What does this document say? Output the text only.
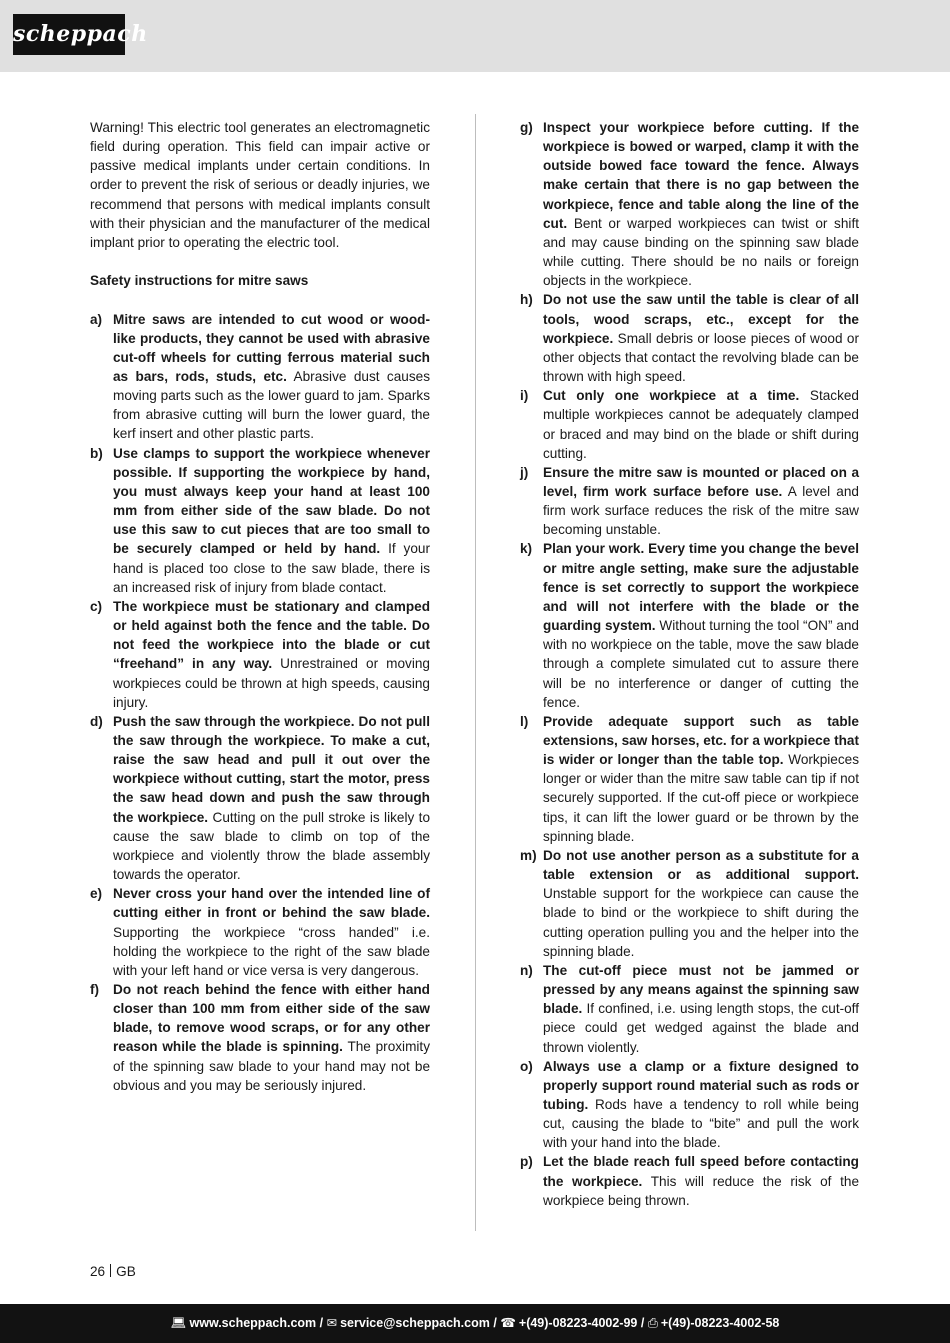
scheppach

Warning! This electric tool generates an electromagnetic field during operation. This field can impair active or passive medical implants under certain conditions. In order to prevent the risk of serious or deadly injuries, we recommend that persons with medical implants consult with their physician and the manufacturer of the medical implant prior to operating the electric tool.

Safety instructions for mitre saws

a) Mitre saws are intended to cut wood or wood-like products, they cannot be used with abrasive cut-off wheels for cutting ferrous material such as bars, rods, studs, etc. Abrasive dust causes moving parts such as the lower guard to jam. Sparks from abrasive cutting will burn the lower guard, the kerf insert and other plastic parts.

b) Use clamps to support the workpiece whenever possible. If supporting the workpiece by hand, you must always keep your hand at least 100 mm from either side of the saw blade. Do not use this saw to cut pieces that are too small to be securely clamped or held by hand. If your hand is placed too close to the saw blade, there is an increased risk of injury from blade contact.

c) The workpiece must be stationary and clamped or held against both the fence and the table. Do not feed the workpiece into the blade or cut “freehand” in any way. Unrestrained or moving workpieces could be thrown at high speeds, causing injury.

d) Push the saw through the workpiece. Do not pull the saw through the workpiece. To make a cut, raise the saw head and pull it out over the workpiece without cutting, start the motor, press the saw head down and push the saw through the workpiece. Cutting on the pull stroke is likely to cause the saw blade to climb on top of the workpiece and violently throw the blade assembly towards the operator.

e) Never cross your hand over the intended line of cutting either in front or behind the saw blade. Supporting the workpiece “cross handed” i.e. holding the workpiece to the right of the saw blade with your left hand or vice versa is very dangerous.

f) Do not reach behind the fence with either hand closer than 100 mm from either side of the saw blade, to remove wood scraps, or for any other reason while the blade is spinning. The proximity of the spinning saw blade to your hand may not be obvious and you may be seriously injured.

g) Inspect your workpiece before cutting. If the workpiece is bowed or warped, clamp it with the outside bowed face toward the fence. Always make certain that there is no gap between the workpiece, fence and table along the line of the cut. Bent or warped workpieces can twist or shift and may cause binding on the spinning saw blade while cutting. There should be no nails or foreign objects in the workpiece.

h) Do not use the saw until the table is clear of all tools, wood scraps, etc., except for the workpiece. Small debris or loose pieces of wood or other objects that contact the revolving blade can be thrown with high speed.

i) Cut only one workpiece at a time. Stacked multiple workpieces cannot be adequately clamped or braced and may bind on the blade or shift during cutting.

j) Ensure the mitre saw is mounted or placed on a level, firm work surface before use. A level and firm work surface reduces the risk of the mitre saw becoming unstable.

k) Plan your work. Every time you change the bevel or mitre angle setting, make sure the adjustable fence is set correctly to support the workpiece and will not interfere with the blade or the guarding system. Without turning the tool “ON” and with no workpiece on the table, move the saw blade through a complete simulated cut to assure there will be no interference or danger of cutting the fence.

l) Provide adequate support such as table extensions, saw horses, etc. for a workpiece that is wider or longer than the table top. Workpieces longer or wider than the mitre saw table can tip if not securely supported. If the cut-off piece or workpiece tips, it can lift the lower guard or be thrown by the spinning blade.

m) Do not use another person as a substitute for a table extension or as additional support. Unstable support for the workpiece can cause the blade to bind or the workpiece to shift during the cutting operation pulling you and the helper into the spinning blade.

n) The cut-off piece must not be jammed or pressed by any means against the spinning saw blade. If confined, i.e. using length stops, the cut-off piece could get wedged against the blade and thrown violently.

o) Always use a clamp or a fixture designed to properly support round material such as rods or tubing. Rods have a tendency to roll while being cut, causing the blade to “bite” and pull the work with your hand into the blade.

p) Let the blade reach full speed before contacting the workpiece. This will reduce the risk of the workpiece being thrown.

26 GB
💻︎ www.scheppach.com / ✉︎ service@scheppach.com / ☎︎ +(49)-08223-4002-99 / ⎙︎ +(49)-08223-4002-58
